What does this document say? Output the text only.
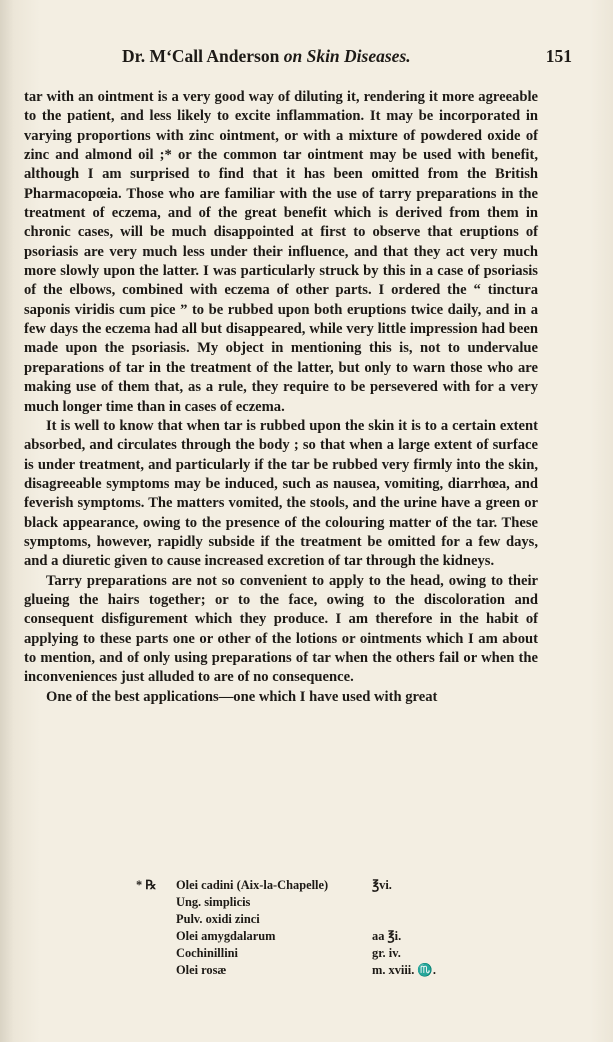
Dr. M‘Call Anderson on Skin Diseases.	151

tar with an ointment is a very good way of diluting it, rendering it more agreeable to the patient, and less likely to excite inflammation. It may be incorporated in varying proportions with zinc ointment, or with a mixture of powdered oxide of zinc and almond oil ;* or the common tar ointment may be used with benefit, although I am surprised to find that it has been omitted from the British Pharmacopœia. Those who are familiar with the use of tarry preparations in the treatment of eczema, and of the great benefit which is derived from them in chronic cases, will be much disappointed at first to observe that eruptions of psoriasis are very much less under their influence, and that they act very much more slowly upon the latter. I was particularly struck by this in a case of psoriasis of the elbows, combined with eczema of other parts. I ordered the “ tinctura saponis viridis cum pice ” to be rubbed upon both eruptions twice daily, and in a few days the eczema had all but disappeared, while very little impression had been made upon the psoriasis. My object in mentioning this is, not to undervalue preparations of tar in the treatment of the latter, but only to warn those who are making use of them that, as a rule, they require to be persevered with for a very much longer time than in cases of eczema.

It is well to know that when tar is rubbed upon the skin it is to a certain extent absorbed, and circulates through the body ; so that when a large extent of surface is under treatment, and particularly if the tar be rubbed very firmly into the skin, disagreeable symptoms may be induced, such as nausea, vomiting, diarrhœa, and feverish symptoms. The matters vomited, the stools, and the urine have a green or black appearance, owing to the presence of the colouring matter of the tar. These symptoms, however, rapidly subside if the treatment be omitted for a few days, and a diuretic given to cause increased excretion of tar through the kidneys.

Tarry preparations are not so convenient to apply to the head, owing to their glueing the hairs together; or to the face, owing to the discoloration and consequent disfigurement which they produce. I am therefore in the habit of applying to these parts one or other of the lotions or ointments which I am about to mention, and of only using preparations of tar when the others fail or when the inconveniences just alluded to are of no consequence.

One of the best applications—one which I have used with great

* ℞ Olei cadini (Aix-la-Chapelle)	℥vi.
Ung. simplicis
Pulv. oxidi zinci
Olei amygdalarum	aa ℥i.
Cochinillini	gr. iv.
Olei rosæ	m. xviii. ♏.
